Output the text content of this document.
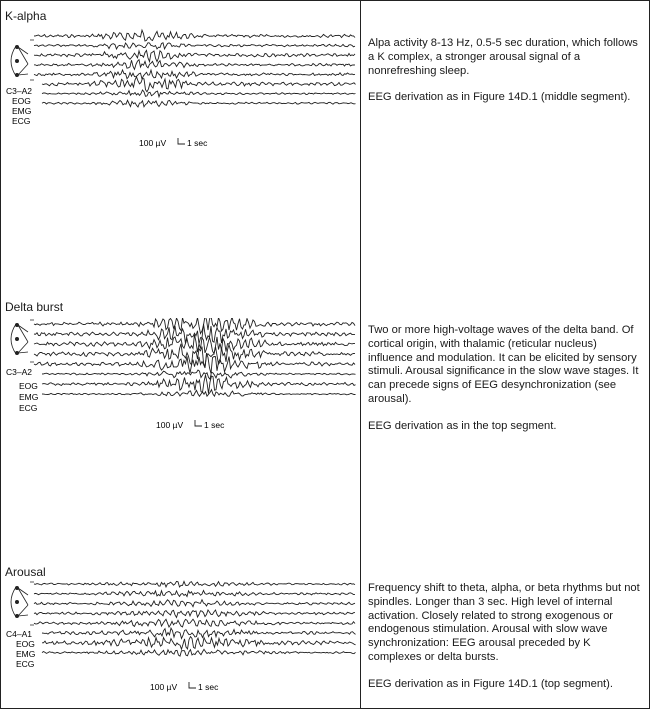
K-alpha
C3–A2
EOG
EMG
ECG
100 µV 1 sec

Alpa activity 8-13 Hz, 0.5-5 sec duration, which follows a K complex, a stronger arousal signal of a nonrefreshing sleep.

EEG derivation as in Figure 14D.1 (middle segment).

Delta burst
C3–A2
EOG
EMG
ECG
100 µV 1 sec

Two or more high-voltage waves of the delta band. Of cortical origin, with thalamic (reticular nucleus) influence and modulation. It can be elicited by sensory stimuli. Arousal significance in the slow wave stages. It can precede signs of EEG desynchronization (see arousal).

EEG derivation as in the top segment.

Arousal
C4–A1
EOG
EMG
ECG
100 µV 1 sec

Frequency shift to theta, alpha, or beta rhythms but not spindles. Longer than 3 sec. High level of internal activation. Closely related to strong exogenous or endogenous stimulation. Arousal with slow wave synchronization: EEG arousal preceded by K complexes or delta bursts.

EEG derivation as in Figure 14D.1 (top segment).
